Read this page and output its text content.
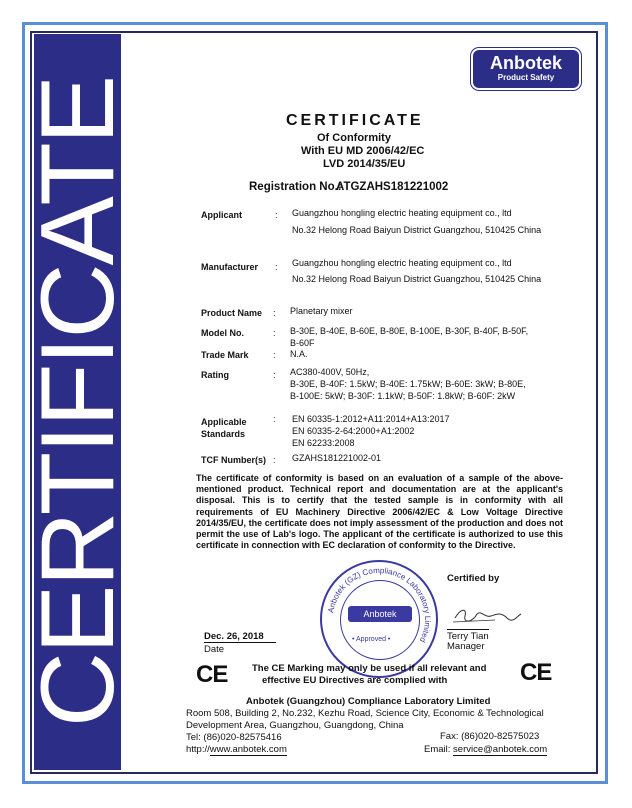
CERTIFICATE
Anbotek
Product Safety
CERTIFICATE
Of Conformity
With EU MD 2006/42/EC
LVD 2014/35/EU
Registration No.:
ATGZAHS181221002
Applicant	: Guangzhou hongling electric heating equipment co., ltd
No.32 Helong Road Baiyun District Guangzhou, 510425 China
Manufacturer : Guangzhou hongling electric heating equipment co., ltd
No.32 Helong Road Baiyun District Guangzhou, 510425 China
Product Name : Planetary mixer
Model No.	: B-30E, B-40E, B-60E, B-80E, B-100E, B-30F, B-40F, B-50F,
B-60F
Trade Mark	: N.A.
Rating	: AC380-400V, 50Hz,
B-30E, B-40F: 1.5kW; B-40E: 1.75kW; B-60E: 3kW; B-80E,
B-100E: 5kW; B-30F: 1.1kW; B-50F: 1.8kW; B-60F: 2kW
Applicable
Standards
: EN 60335-1:2012+A11:2014+A13:2017
EN 60335-2-64:2000+A1:2002
EN 62233:2008
TCF Number(s) : GZAHS181221002-01
The certificate of conformity is based on an evaluation of a sample of the above-mentioned product. Technical report and documentation are at the applicant's disposal. This is to certify that the tested sample is in conformity with all requirements of EU Machinery Directive 2006/42/EC & Low Voltage Directive 2014/35/EU, the certificate does not imply assessment of the production and does not permit the use of Lab's logo. The applicant of the certificate is authorized to use this certificate in connection with EC declaration of conformity to the Directive.
Certified by
Terry Tian
Manager
Dec. 26, 2018
Date
Anbotek (GZ) Compliance Laboratory Limited
Anbotek
• Approved •
CE	CE
The CE Marking may only be used if all relevant and
effective EU Directives are complied with
Anbotek (Guangzhou) Compliance Laboratory Limited
Room 508, Building 2, No.232, Kezhu Road, Science City, Economic & Technological
Development Area, Guangzhou, Guangdong, China
Tel: (86)020-82575416	Fax: (86)020-82575023
http://www.anbotek.com	Email: service@anbotek.com
